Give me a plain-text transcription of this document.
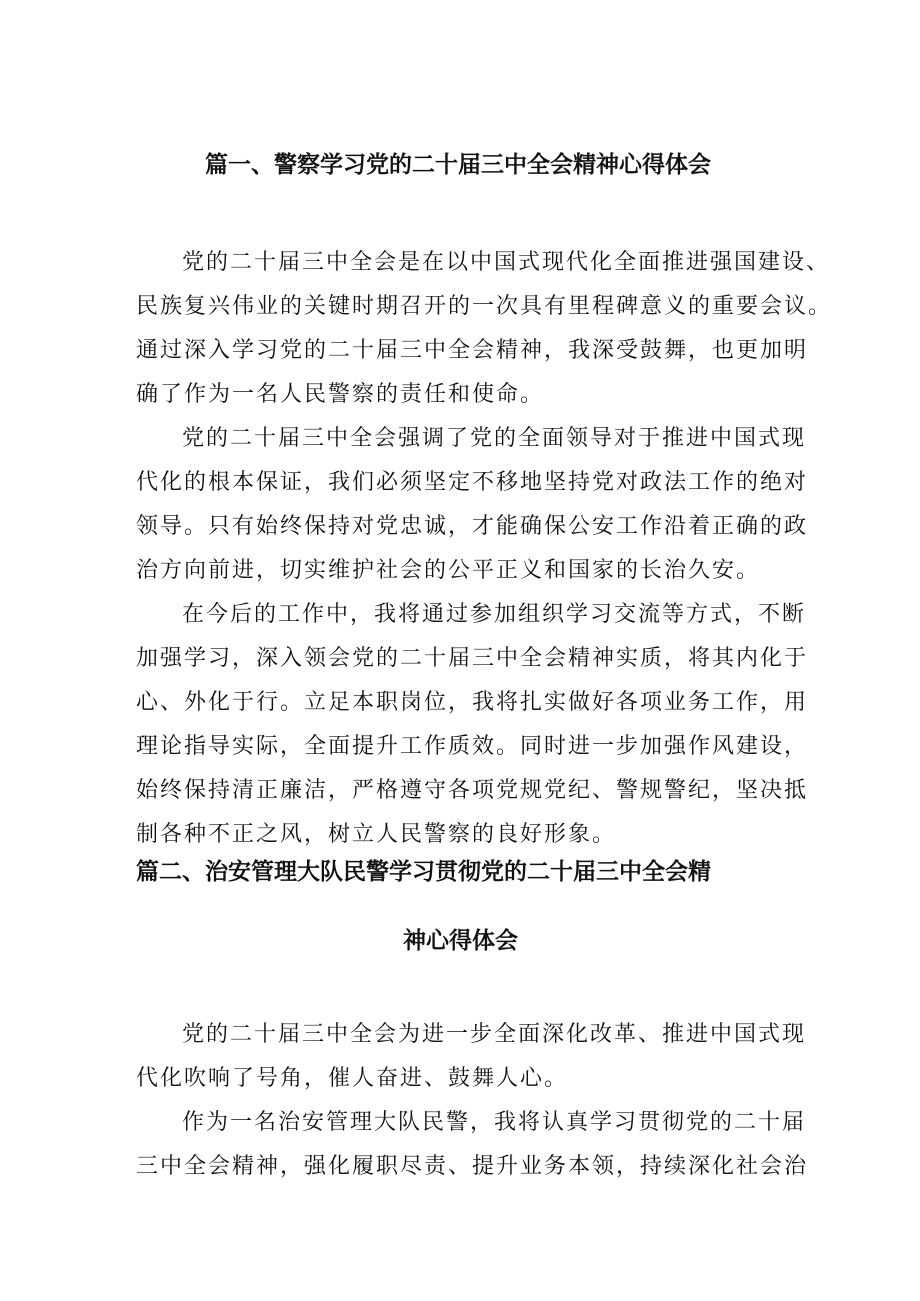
篇一、警察学习党的二十届三中全会精神心得体会
党的二十届三中全会是在以中国式现代化全面推进强国建设、
民族复兴伟业的关键时期召开的一次具有里程碑意义的重要会议。
通过深入学习党的二十届三中全会精神，我深受鼓舞，也更加明
确了作为一名人民警察的责任和使命。
党的二十届三中全会强调了党的全面领导对于推进中国式现
代化的根本保证，我们必须坚定不移地坚持党对政法工作的绝对
领导。只有始终保持对党忠诚，才能确保公安工作沿着正确的政
治方向前进，切实维护社会的公平正义和国家的长治久安。
在今后的工作中，我将通过参加组织学习交流等方式，不断
加强学习，深入领会党的二十届三中全会精神实质，将其内化于
心、外化于行。立足本职岗位，我将扎实做好各项业务工作，用
理论指导实际，全面提升工作质效。同时进一步加强作风建设，
始终保持清正廉洁，严格遵守各项党规党纪、警规警纪，坚决抵
制各种不正之风，树立人民警察的良好形象。
篇二、治安管理大队民警学习贯彻党的二十届三中全会精
神心得体会
党的二十届三中全会为进一步全面深化改革、推进中国式现
代化吹响了号角，催人奋进、鼓舞人心。
作为一名治安管理大队民警，我将认真学习贯彻党的二十届
三中全会精神，强化履职尽责、提升业务本领，持续深化社会治
